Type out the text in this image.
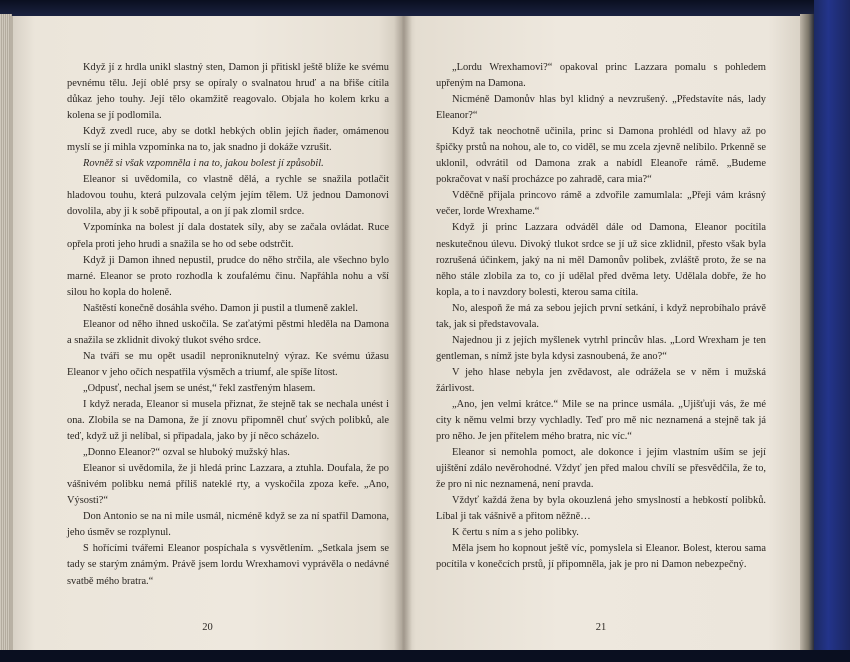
Když jí z hrdla unikl slastný sten, Damon ji přitiskl ještě blíže ke svému pevnému tělu. Její oblé prsy se opíraly o svalnatou hruď a na břiše cítila důkaz jeho touhy. Její tělo okamžitě reagovalo. Objala ho kolem krku a kolena se jí podlomila.

Když zvedl ruce, aby se dotkl hebkých oblin jejích ňader, omámenou myslí se jí mihla vzpomínka na to, jak snadno ji dokáže vzrušit.

Rovněž si však vzpomněla i na to, jakou bolest jí způsobil.

Eleanor si uvědomila, co vlastně dělá, a rychle se snažila potlačit hladovou touhu, která pulzovala celým jejím tělem. Už jednou Damonovi dovolila, aby ji k sobě připoutal, a on jí pak zlomil srdce.

Vzpomínka na bolest jí dala dostatek síly, aby se začala ovládat. Ruce opřela proti jeho hrudi a snažila se ho od sebe odstrčit.

Když ji Damon ihned nepustil, prudce do něho strčila, ale všechno bylo marné. Eleanor se proto rozhodla k zoufalému činu. Napřáhla nohu a vší silou ho kopla do holeně.

Naštěstí konečně dosáhla svého. Damon ji pustil a tlumeně zaklel.

Eleanor od něho ihned uskočila. Se zaťatými pěstmi hleděla na Damona a snažila se zklidnit divoký tlukot svého srdce.

Na tváři se mu opět usadil neproniknutelný výraz. Ke svému úžasu Eleanor v jeho očích nespatřila výsměch a triumf, ale spíše lítost.

„Odpusť, nechal jsem se unést,“ řekl zastřeným hlasem.

I když nerada, Eleanor si musela přiznat, že stejně tak se nechala unést i ona. Zlobila se na Damona, že jí znovu připomněl chuť svých polibků, ale teď, když už ji nelíbal, si připadala, jako by jí něco scházelo.

„Donno Eleanor?“ ozval se hluboký mužský hlas.

Eleanor si uvědomila, že ji hledá princ Lazzara, a ztuhla. Doufala, že po vášnivém polibku nemá příliš nateklé rty, a vyskočila zpoza keře. „Ano, Výsosti?“

Don Antonio se na ni mile usmál, nicméně když se za ní spatřil Damona, jeho úsměv se rozplynul.

S hořícími tvářemi Eleanor pospíchala s vysvětlením. „Setkala jsem se tady se starým známým. Právě jsem lordu Wrexhamovi vyprávěla o nedávné svatbě mého bratra.“

20

„Lordu Wrexhamovi?“ opakoval princ Lazzara pomalu s pohledem upřeným na Damona.

Nicméně Damonův hlas byl klidný a nevzrušený. „Představíte nás, lady Eleanor?“

Když tak neochotně učinila, princ si Damona prohlédl od hlavy až po špičky prstů na nohou, ale to, co viděl, se mu zcela zjevně nelíbilo. Prkenně se uklonil, odvrátil od Damona zrak a nabídl Eleanoře rámě. „Budeme pokračovat v naší procházce po zahradě, cara mia?“

Vděčně přijala princovo rámě a zdvořile zamumlala: „Přeji vám krásný večer, lorde Wrexhame.“

Když ji princ Lazzara odváděl dále od Damona, Eleanor pocítila neskutečnou úlevu. Divoký tlukot srdce se jí už sice zklidnil, přesto však byla rozrušená účinkem, jaký na ni měl Damonův polibek, zvláště proto, že se na něho stále zlobila za to, co jí udělal před dvěma lety. Udělala dobře, že ho kopla, a to i navzdory bolesti, kterou sama cítila.

No, alespoň že má za sebou jejich první setkání, i když neprobíhalo právě tak, jak si představovala.

Najednou ji z jejích myšlenek vytrhl princův hlas. „Lord Wrexham je ten gentleman, s nímž jste byla kdysi zasnoubená, že ano?“

V jeho hlase nebyla jen zvědavost, ale odrážela se v něm i mužská žárlivost.

„Ano, jen velmi krátce.“ Mile se na prince usmála. „Ujišťuji vás, že mé city k němu velmi brzy vychladly. Teď pro mě nic neznamená a stejně tak já pro něho. Je jen přítelem mého bratra, nic víc.“

Eleanor si nemohla pomoct, ale dokonce i jejím vlastním uším se její ujištění zdálo nevěrohodné. Vždyť jen před malou chvílí se přesvědčila, že to, že pro ni nic neznamená, není pravda.

Vždyť každá žena by byla okouzlená jeho smyslností a hebkostí polibků. Líbal ji tak vášnivě a přitom něžně…

K čertu s ním a s jeho polibky.

Měla jsem ho kopnout ještě víc, pomyslela si Eleanor. Bolest, kterou sama pocítila v konečcích prstů, jí připomněla, jak je pro ni Damon nebezpečný.

21
